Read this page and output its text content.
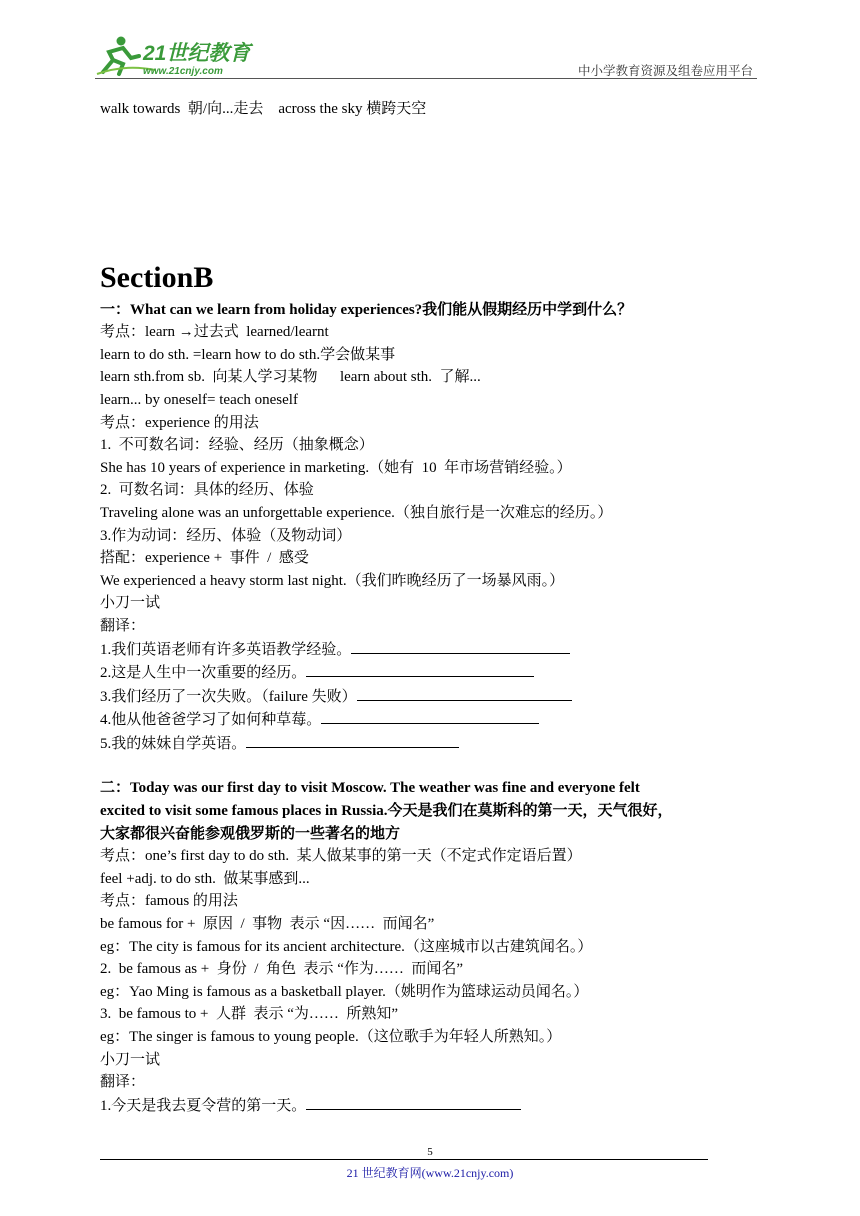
21世纪教育
www.21cnjy.com	中小学教育资源及组卷应用平台
walk towards  朝/向...走去    across the sky 横跨天空
SectionB
一：What can we learn from holiday experiences?我们能从假期经历中学到什么？
考点：learn →过去式  learned/learnt
learn to do sth. =learn how to do sth.学会做某事
learn sth.from sb.  向某人学习某物      learn about sth.  了解...
learn... by oneself= teach oneself
考点：experience 的用法
1.  不可数名词：经验、经历（抽象概念）
She has 10 years of experience in marketing.（她有  10  年市场营销经验。）
2.  可数名词：具体的经历、体验
Traveling alone was an unforgettable experience.（独自旅行是一次难忘的经历。）
3.作为动词：经历、体验（及物动词）
搭配：experience +  事件  /  感受
We experienced a heavy storm last night.（我们昨晚经历了一场暴风雨。）
小刀一试
翻译：
1.我们英语老师有许多英语教学经验。
2.这是人生中一次重要的经历。
3.我们经历了一次失败。（failure 失败）
4.他从他爸爸学习了如何种草莓。
5.我的妹妹自学英语。
二：Today was our first day to visit Moscow. The weather was fine and everyone felt
excited to visit some famous places in Russia.今天是我们在莫斯科的第一天，天气很好，
大家都很兴奋能参观俄罗斯的一些著名的地方
考点：one’s first day to do sth.  某人做某事的第一天（不定式作定语后置）
feel +adj. to do sth.  做某事感到...
考点：famous 的用法
be famous for +  原因  /  事物  表示 “因……  而闻名”
eg：The city is famous for its ancient architecture.（这座城市以古建筑闻名。）
2.  be famous as +  身份  /  角色  表示 “作为……  而闻名”
eg：Yao Ming is famous as a basketball player.（姚明作为篮球运动员闻名。）
3.  be famous to +  人群  表示 “为……  所熟知”
eg：The singer is famous to young people.（这位歌手为年轻人所熟知。）
小刀一试
翻译：
1.今天是我去夏令营的第一天。
5
21 世纪教育网(www.21cnjy.com)
